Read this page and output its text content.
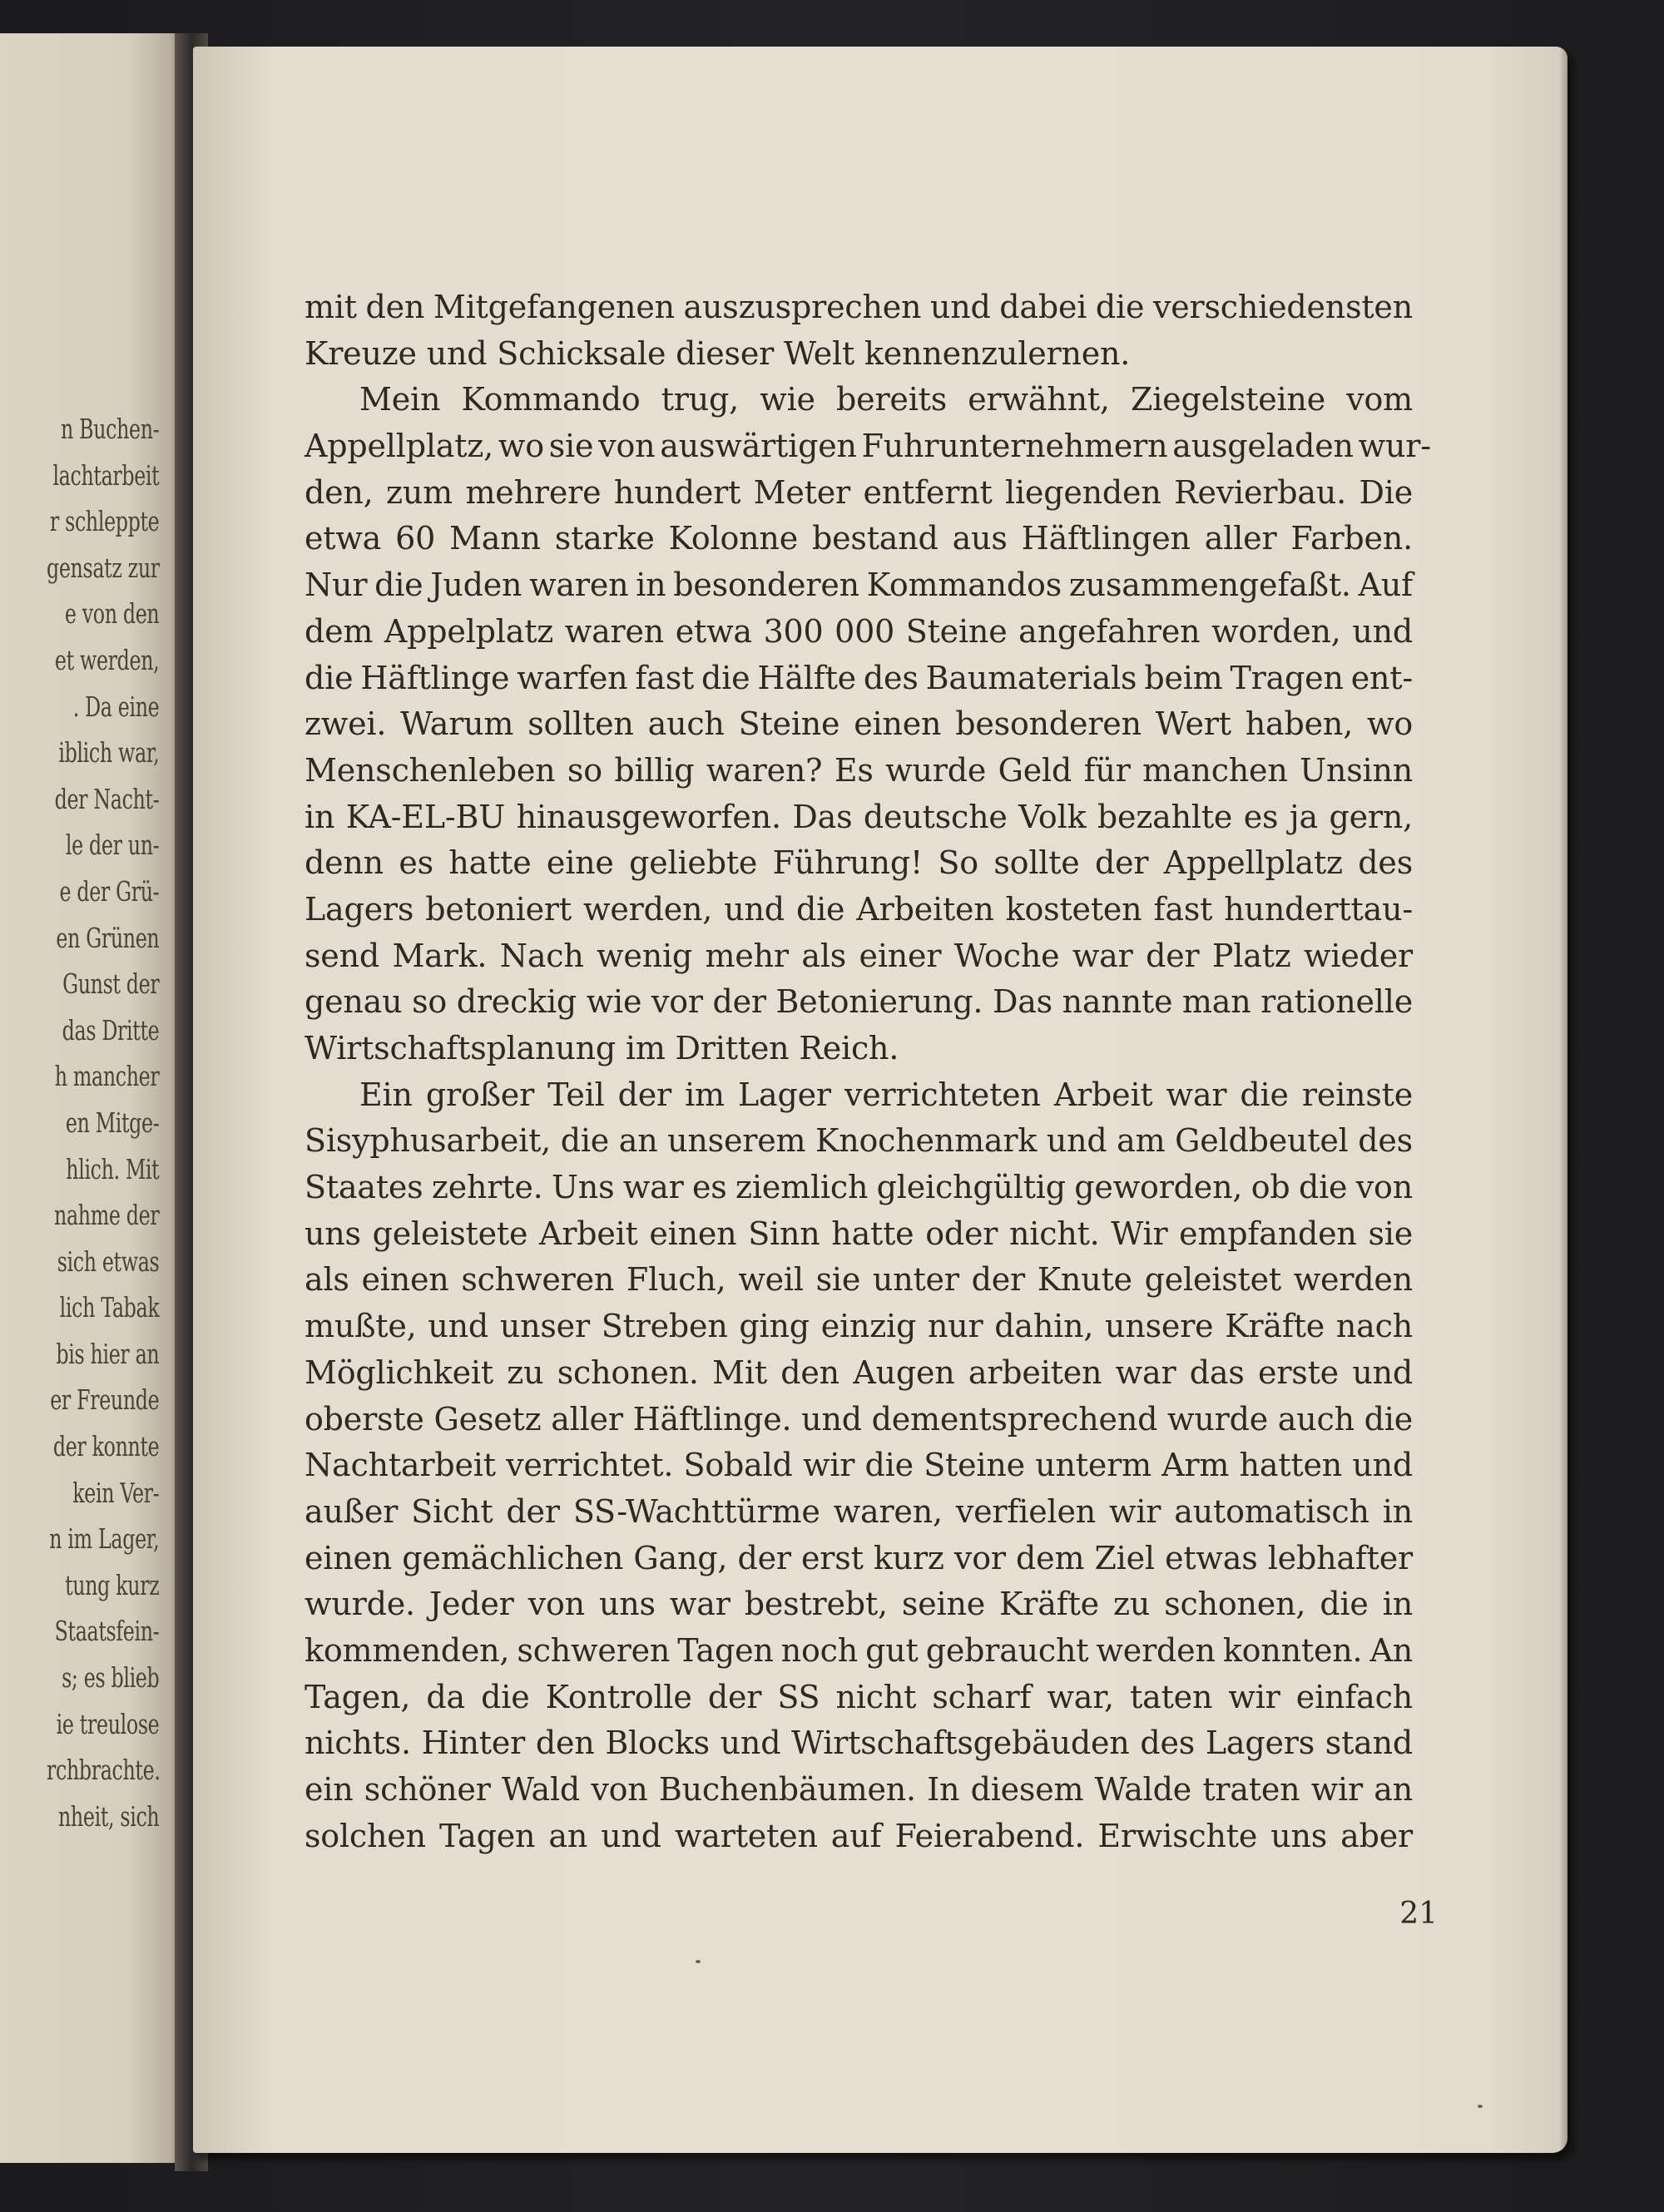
n Buchen-
lachtarbeit
r schleppte
gensatz zur
e von den
et werden,
. Da eine
iblich war,
der Nacht-
le der un-
e der Grü-
en Grünen
Gunst der
das Dritte
h mancher
en Mitge-
hlich. Mit
nahme der
sich etwas
lich Tabak
bis hier an
er Freunde
der konnte
kein Ver-
n im Lager,
tung kurz
Staatsfein-
s; es blieb
ie treulose
rchbrachte.
nheit, sich
mit den Mitgefangenen auszusprechen und dabei die verschiedensten
Kreuze und Schicksale dieser Welt kennenzulernen.
Mein Kommando trug, wie bereits erwähnt, Ziegelsteine vom
Appellplatz, wo sie von auswärtigen Fuhrunternehmern ausgeladen wur-
den, zum mehrere hundert Meter entfernt liegenden Revierbau. Die
etwa 60 Mann starke Kolonne bestand aus Häftlingen aller Farben.
Nur die Juden waren in besonderen Kommandos zusammengefaßt. Auf
dem Appelplatz waren etwa 300 000 Steine angefahren worden, und
die Häftlinge warfen fast die Hälfte des Baumaterials beim Tragen ent-
zwei. Warum sollten auch Steine einen besonderen Wert haben, wo
Menschenleben so billig waren? Es wurde Geld für manchen Unsinn
in KA-EL-BU hinausgeworfen. Das deutsche Volk bezahlte es ja gern,
denn es hatte eine geliebte Führung! So sollte der Appellplatz des
Lagers betoniert werden, und die Arbeiten kosteten fast hunderttau-
send Mark. Nach wenig mehr als einer Woche war der Platz wieder
genau so dreckig wie vor der Betonierung. Das nannte man rationelle
Wirtschaftsplanung im Dritten Reich.
Ein großer Teil der im Lager verrichteten Arbeit war die reinste
Sisyphusarbeit, die an unserem Knochenmark und am Geldbeutel des
Staates zehrte. Uns war es ziemlich gleichgültig geworden, ob die von
uns geleistete Arbeit einen Sinn hatte oder nicht. Wir empfanden sie
als einen schweren Fluch, weil sie unter der Knute geleistet werden
mußte, und unser Streben ging einzig nur dahin, unsere Kräfte nach
Möglichkeit zu schonen. Mit den Augen arbeiten war das erste und
oberste Gesetz aller Häftlinge. und dementsprechend wurde auch die
Nachtarbeit verrichtet. Sobald wir die Steine unterm Arm hatten und
außer Sicht der SS-Wachttürme waren, verfielen wir automatisch in
einen gemächlichen Gang, der erst kurz vor dem Ziel etwas lebhafter
wurde. Jeder von uns war bestrebt, seine Kräfte zu schonen, die in
kommenden, schweren Tagen noch gut gebraucht werden konnten. An
Tagen, da die Kontrolle der SS nicht scharf war, taten wir einfach
nichts. Hinter den Blocks und Wirtschaftsgebäuden des Lagers stand
ein schöner Wald von Buchenbäumen. In diesem Walde traten wir an
solchen Tagen an und warteten auf Feierabend. Erwischte uns aber
21
